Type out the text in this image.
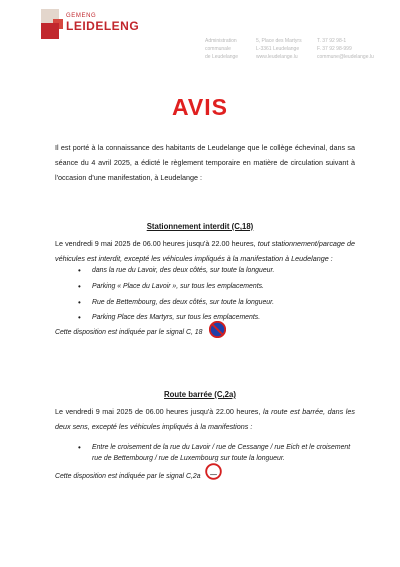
GEMENG
LEIDELENG
Administration
communale
de Leudelange
5, Place des Martyrs
L-3361 Leudelange
www.leudelange.lu
T. 37 92 98-1
F. 37 92 98-999
commune@leudelange.lu
AVIS
Il est porté à la connaissance des habitants de Leudelange que le collège échevinal, dans sa séance du 4 avril 2025, a édicté le règlement temporaire en matière de circulation suivant à l'occasion d'une manifestation, à Leudelange :
Stationnement interdit (C,18)
Le vendredi 9 mai 2025 de 06.00 heures jusqu'à 22.00 heures, tout stationnement/parcage de véhicules est interdit, excepté les véhicules impliqués à la manifestation à Leudelange :
• dans la rue du Lavoir, des deux côtés, sur toute la longueur.
• Parking « Place du Lavoir », sur tous les emplacements.
• Rue de Bettembourg, des deux côtés, sur toute la longueur.
• Parking Place des Martyrs, sur tous les emplacements.
Cette disposition est indiquée par le signal C, 18
Route barrée (C,2a)
Le vendredi 9 mai 2025 de 06.00 heures jusqu'à 22.00 heures, la route est barrée, dans les deux sens, excepté les véhicules impliqués à la manifestions :
• Entre le croisement de la rue du Lavoir / rue de Cessange / rue Eich et le croisement rue de Bettembourg / rue de Luxembourg sur toute la longueur.
Cette disposition est indiquée par le signal C,2a
